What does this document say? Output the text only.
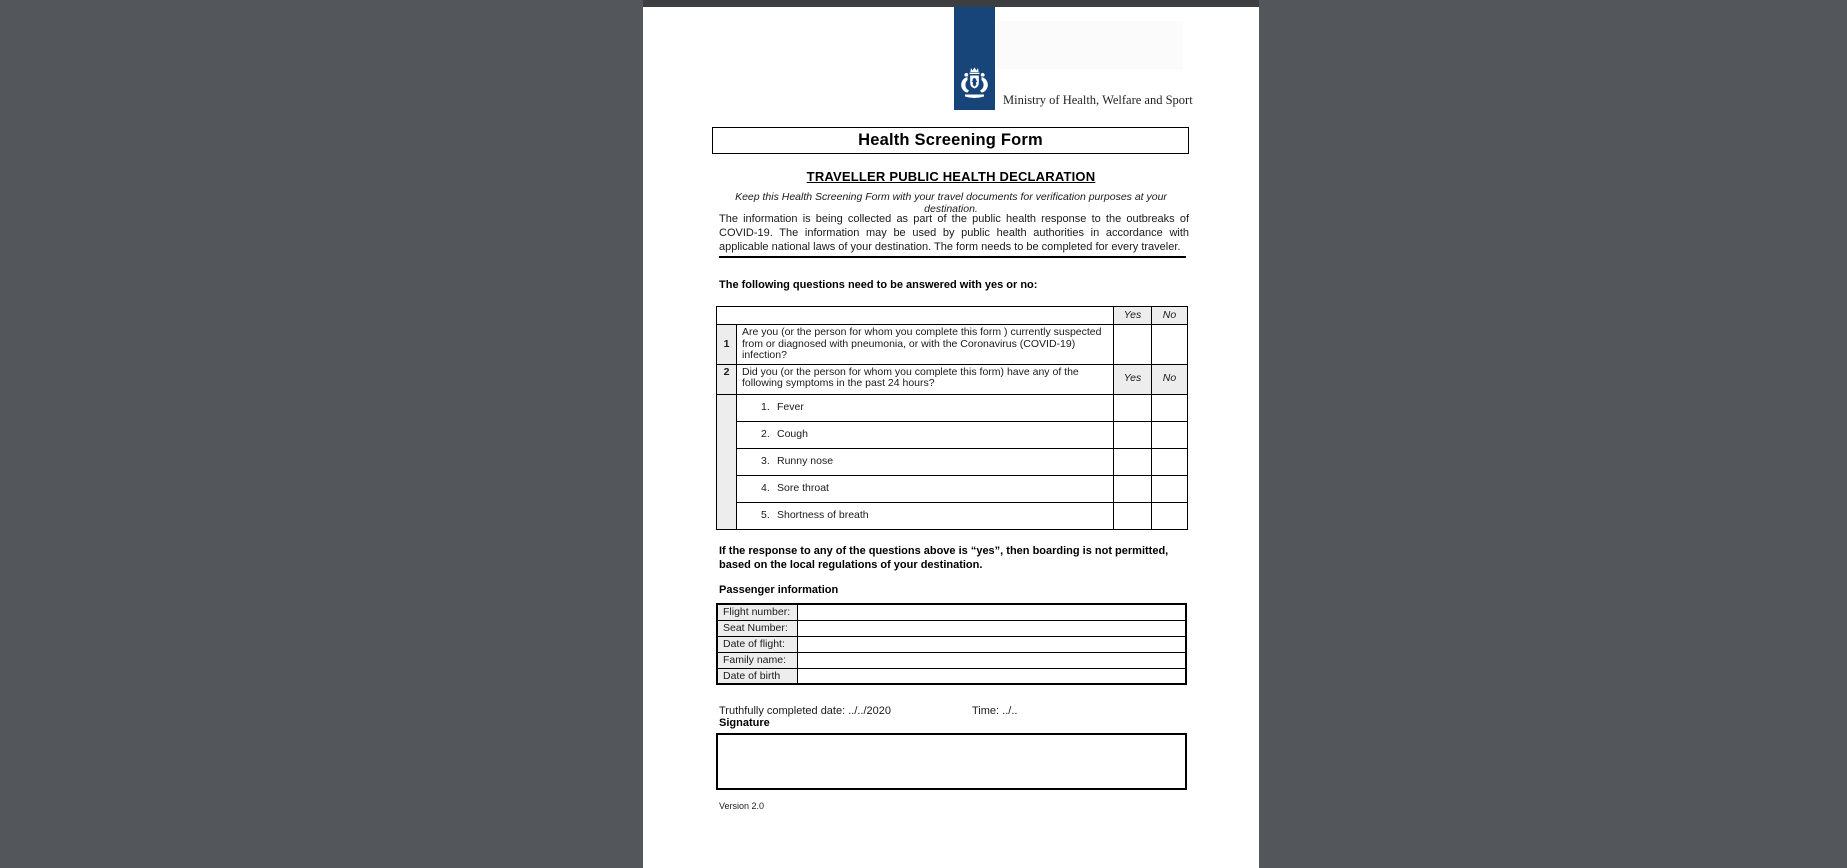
Ministry of Health, Welfare and Sport
Health Screening Form
TRAVELLER PUBLIC HEALTH DECLARATION
Keep this Health Screening Form with your travel documents for verification purposes at your destination.
The information is being collected as part of the public health response to the outbreaks of COVID-19. The information may be used by public health authorities in accordance with applicable national laws of your destination. The form needs to be completed for every traveler.
The following questions need to be answered with yes or no:
		Yes	No
1	Are you (or the person for whom you complete this form ) currently suspected from or diagnosed with pneumonia, or with the Coronavirus (COVID-19) infection?		
2	Did you (or the person for whom you complete this form) have any of the following symptoms in the past 24 hours?	Yes	No
	1. Fever		
	2. Cough		
	3. Runny nose		
	4. Sore throat		
	5. Shortness of breath		
If the response to any of the questions above is “yes”, then boarding is not permitted, based on the local regulations of your destination.
Passenger information
Flight number:	
Seat Number:	
Date of flight:	
Family name:	
Date of birth	
Truthfully completed date: ../../2020	Time: ../..
Signature
Version 2.0
